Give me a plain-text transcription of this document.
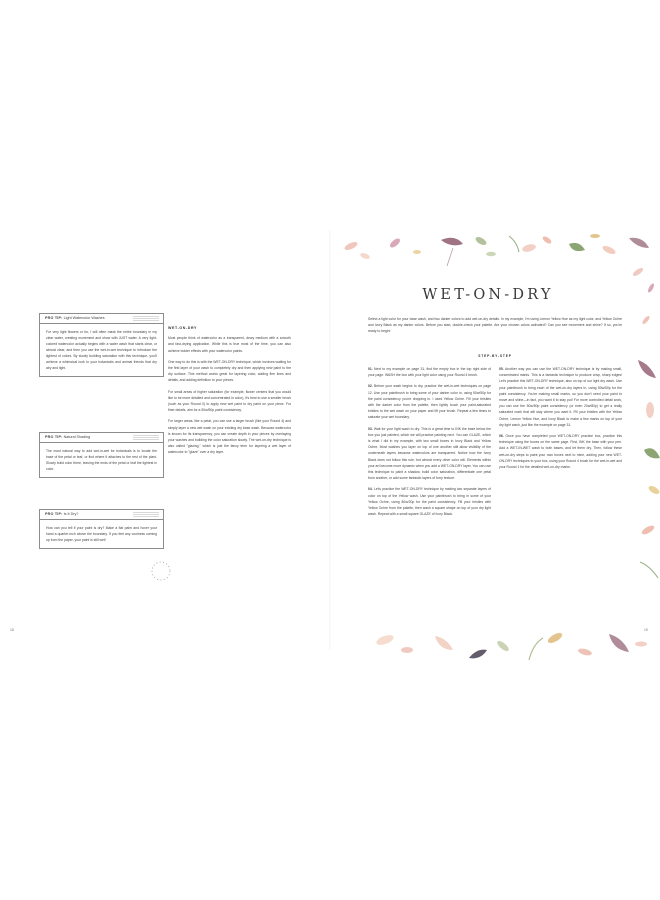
PRO TIP: Light Watercolor Washes
For very light flowers or fur, I will often mask the entire boundary in my clear water, creating movement and show with JUST water. A very light-colored watercolor actually begins with a water wash that starts clear, or almost clear, and then you use the wet-in-wet technique to introduce the lightest of colors. By slowly building saturation with this technique, you'll achieve a whimsical look to your botanicals and animal friends that dry airy and light.
PRO TIP: Natural Shading
The most natural way to add wet-in-wet for botanicals is to locate the base of the petal or leaf, or find where it attaches to the rest of the plant. Slowly build color there, leaving the ends of the petal or leaf the lightest in color.
PRO TIP: Is It Dry?
How can you tell if your paint is dry? Make a flat palm and hover your hand a quarter-inch above the boundary. If you feel any coolness coming up from the paper, your paint is still wet!
WET-ON-DRY

Most people think of watercolor as a transparent, dewy medium with a smooth and fast-drying application. While this is true most of the time, you can also achieve bolder effects with your watercolor paints.

One way to do this is with the WET-ON-DRY technique, which involves waiting for the first layer of your wash to completely dry and then applying new paint to the dry surface. This method works great for layering color, adding fine lines and details, and adding definition to your pieces.

For small areas of higher saturation (for example, flower centers that you would like to be more detailed and concentrated in color), it's best to use a smaller brush (such as your Round 0) to apply new wet paint to dry paint on your piece. For finer details, aim for a 50w/50p paint consistency.

For larger areas, like a petal, you can use a larger brush (like your Round 4) and simply layer a new wet wash on your existing dry base wash. Because watercolor is known for its transparency, you can create depth in your pieces by overlaying your washes and building the color saturation slowly. The wet-on-dry technique is also called "glazing," which is just the fancy term for layering a wet layer of watercolor to "glaze" over a dry layer.

18
WET-ON-DRY
Select a light color for your base wash, and two darker colors to add wet-on-dry details. In my example, I'm using Lemon Yellow Hue as my light color, and Yellow Ochre and Ivory Black as my darker colors. Before you start, double-check your palette. Are your chosen colors activated? Can you see movement and shine? If so, you're ready to begin!
STEP-BY-STEP

01. Next to my example on page 31, find the empty box in the top right side of your page. WASH the box with your light color using your Round 4 brush.

02. Before your wash begins to dry, practice the wet-in-wet techniques on page 12. Use your paintbrush to bring some of your darker color in, using 50w/50p for the paint consistency you're dropping in. I used Yellow Ochre. Fill your bristles with the darker color from the palette, then lightly touch your paint-saturated bristles to the wet wash on your paper and lift your brush. Repeat a few times to saturate your wet boundary.

03. Wait for your light wash to dry. This is a great time to INK the base below the box you just painted, which we will practice painting next. You can GLAZE, which is what I did in my example, with two small boxes in Ivory Black and Yellow Ochre. Most washes you layer on top of one another still allow visibility of the underneath layers because watercolors are transparent. Notice how the Ivory Black does not follow this rule, but almost every other color will. Elements within your art become more dynamic when you add a WET-ON-DRY layer. You can use this technique to paint a shadow, build color saturation, differentiate one petal from another, or add some fantastic layers of furry texture.

04. Let's practice the WET-ON-DRY technique by making two separate layers of color on top of the Yellow wash. Use your paintbrush to bring in some of your Yellow Ochre, using 80w/20p for the paint consistency. Fill your bristles with Yellow Ochre from the palette, then wash a square shape on top of your dry light wash. Repeat with a small square GLAZE of Ivory Black.

05. Another way you can use the WET-ON-DRY technique is by making small, concentrated marks. This is a fantastic technique to produce crisp, sharp edges! Let's practice this WET-ON-DRY technique, also on top of our light dry wash. Use your paintbrush to bring each of the wet-on-dry layers in, using 50w/50p for the paint consistency. You're making small marks, so you don't need your paint to move and shine—in fact, you want it to stay put! For more controlled detail work, you can use the 50w/50p paint consistency (or even 20w/80p) to get a really saturated mark that will stay where you want it. Fill your bristles with the Yellow Ochre, Lemon Yellow Hue, and Ivory Black to make a few marks on top of your dry light wash, just like the example on page 31.

06. Once you have completed your WET-ON-DRY practice box, practice this technique using the boxes on the same page. First, INK the base with your pen. Add a WET-IN-WET wash to both bases, and let them dry. Then, follow these wet-on-dry steps to paint your own boxes next to mine, adding your new WET-ON-DRY techniques to your box, using your Round 4 brush for the wet-in-wet and your Round 1 for the detailed wet-on-dry marks.

19
